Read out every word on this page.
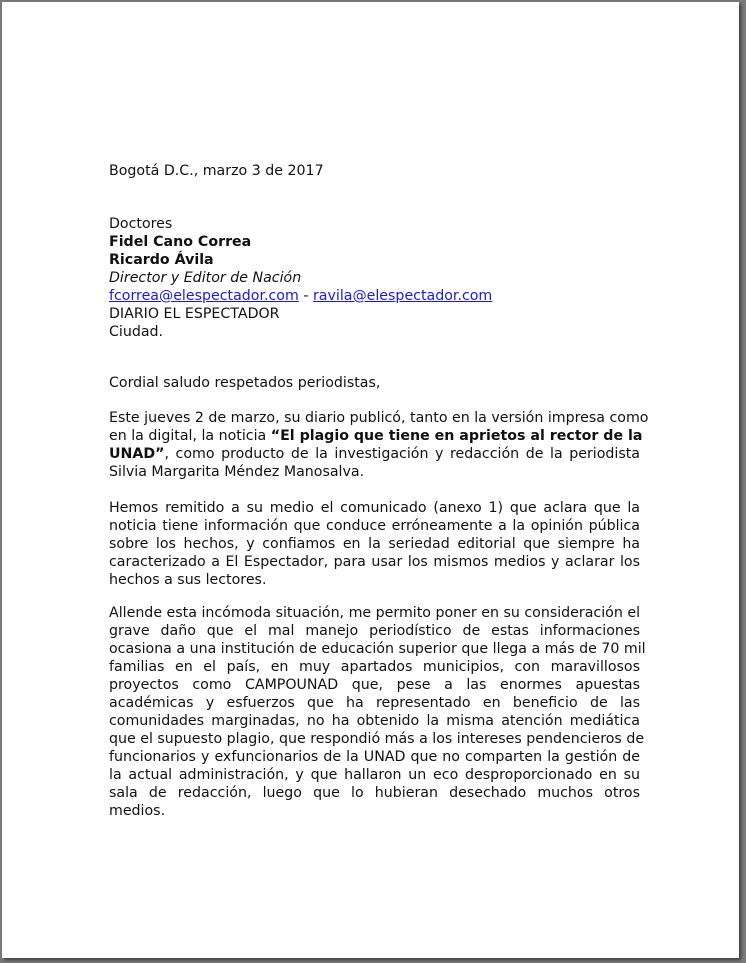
Bogotá D.C., marzo 3 de 2017
Doctores
Fidel Cano Correa
Ricardo Ávila
Director y Editor de Nación
fcorrea@elespectador.com - ravila@elespectador.com
DIARIO EL ESPECTADOR
Ciudad.
Cordial saludo respetados periodistas,
Este jueves 2 de marzo, su diario publicó, tanto en la versión impresa como
en la digital, la noticia “El plagio que tiene en aprietos al rector de la
UNAD”, como producto de la investigación y redacción de la periodista
Silvia Margarita Méndez Manosalva.
Hemos remitido a su medio el comunicado (anexo 1) que aclara que la
noticia tiene información que conduce erróneamente a la opinión pública
sobre los hechos, y confiamos en la seriedad editorial que siempre ha
caracterizado a El Espectador, para usar los mismos medios y aclarar los
hechos a sus lectores.
Allende esta incómoda situación, me permito poner en su consideración el
grave daño que el mal manejo periodístico de estas informaciones
ocasiona a una institución de educación superior que llega a más de 70 mil
familias en el país, en muy apartados municipios, con maravillosos
proyectos como CAMPOUNAD que, pese a las enormes apuestas
académicas y esfuerzos que ha representado en beneficio de las
comunidades marginadas, no ha obtenido la misma atención mediática
que el supuesto plagio, que respondió más a los intereses pendencieros de
funcionarios y exfuncionarios de la UNAD que no comparten la gestión de
la actual administración, y que hallaron un eco desproporcionado en su
sala de redacción, luego que lo hubieran desechado muchos otros
medios.
